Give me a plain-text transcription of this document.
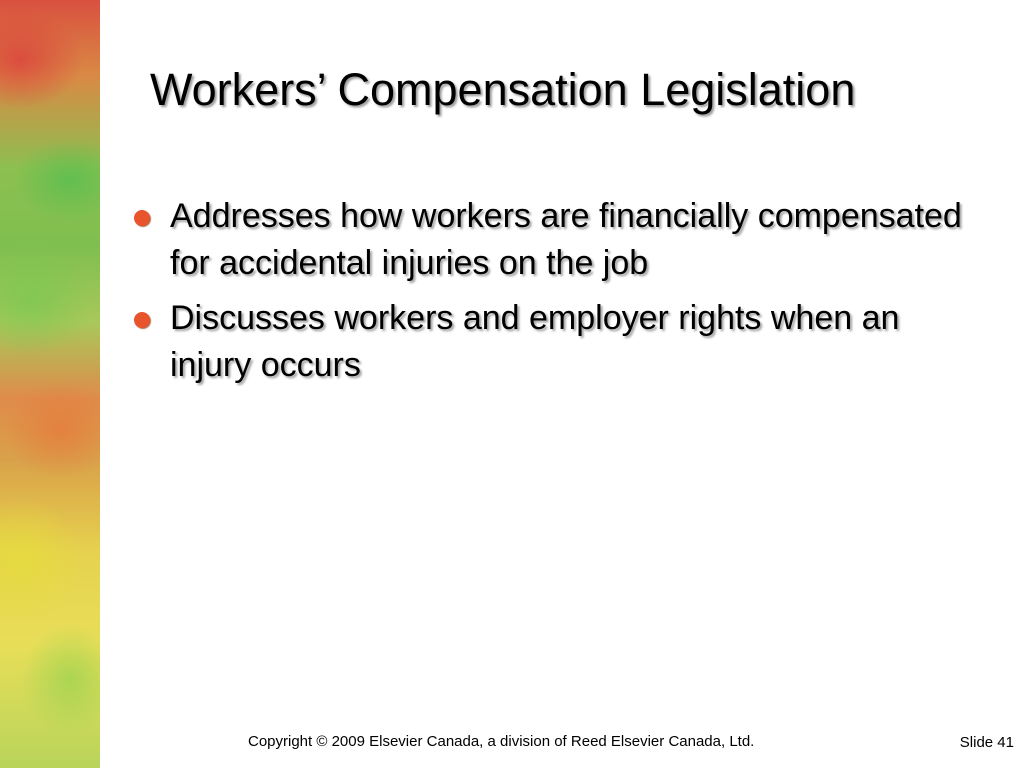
Workers’ Compensation Legislation
Addresses how workers are financially compensated for accidental injuries on the job
Discusses workers and employer rights when an injury occurs
Copyright © 2009 Elsevier Canada, a division of Reed Elsevier Canada, Ltd.	Slide 41
